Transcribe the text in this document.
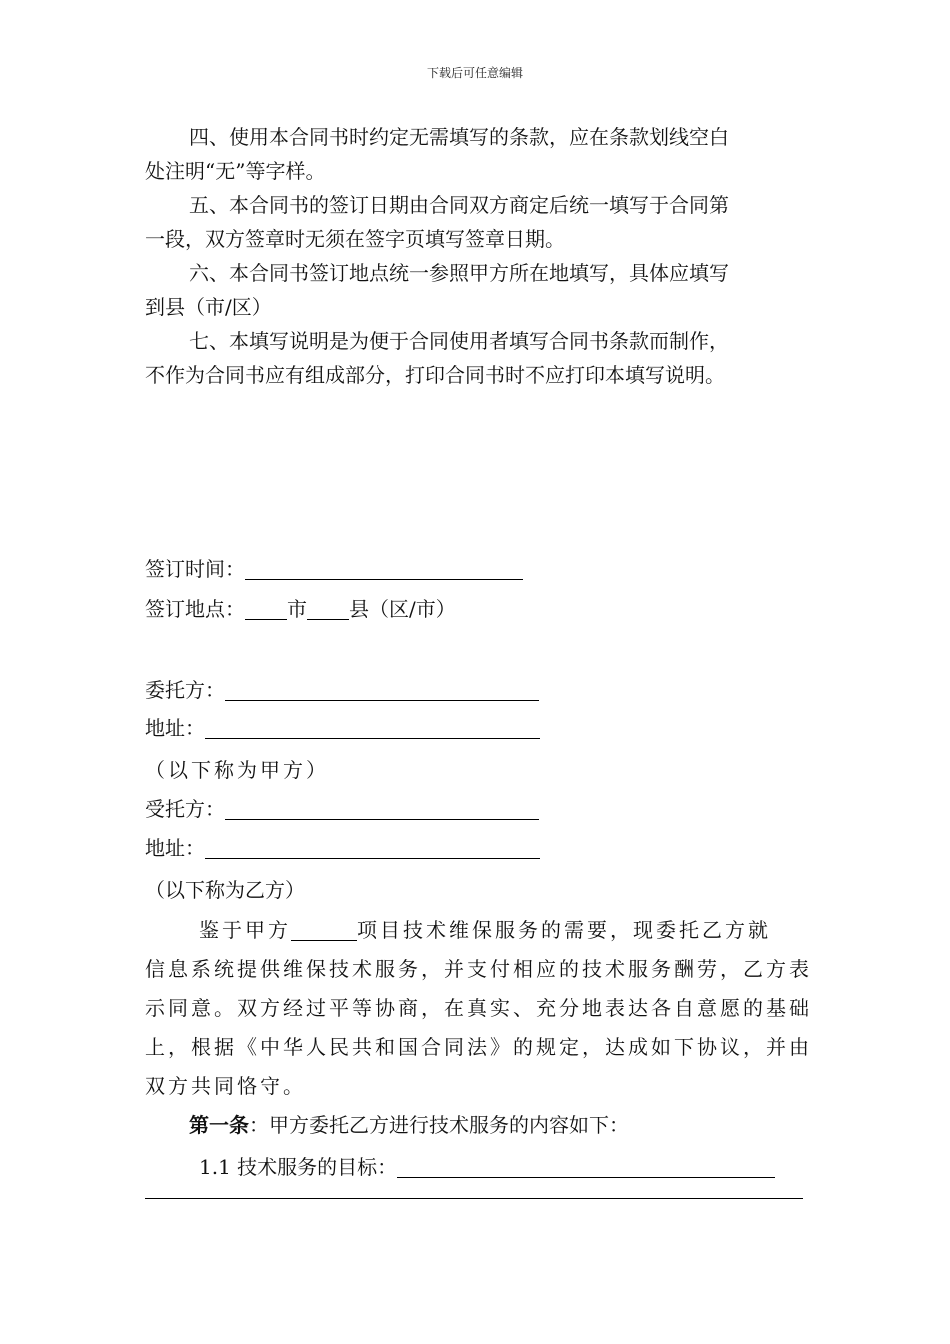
下载后可任意编辑
四、使用本合同书时约定无需填写的条款，应在条款划线空白
处注明“无”等字样。
五、本合同书的签订日期由合同双方商定后统一填写于合同第
一段，双方签章时无须在签字页填写签章日期。
六、本合同书签订地点统一参照甲方所在地填写，具体应填写
到县（市/区）
七、本填写说明是为便于合同使用者填写合同书条款而制作，
不作为合同书应有组成部分，打印合同书时不应打印本填写说明。
签订时间：
签订地点： 市 县（区/市）
委托方：
地址：
（以下称为甲方）
受托方：
地址：
（以下称为乙方）
鉴于甲方	项目技术维保服务的需要，现委托乙方就
信息系统提供维保技术服务，并支付相应的技术服务酬劳，乙方表
示同意。双方经过平等协商，在真实、充分地表达各自意愿的基础
上，根据《中华人民共和国合同法》的规定，达成如下协议，并由
双方共同恪守。
第一条：甲方委托乙方进行技术服务的内容如下：
1.1 技术服务的目标：
